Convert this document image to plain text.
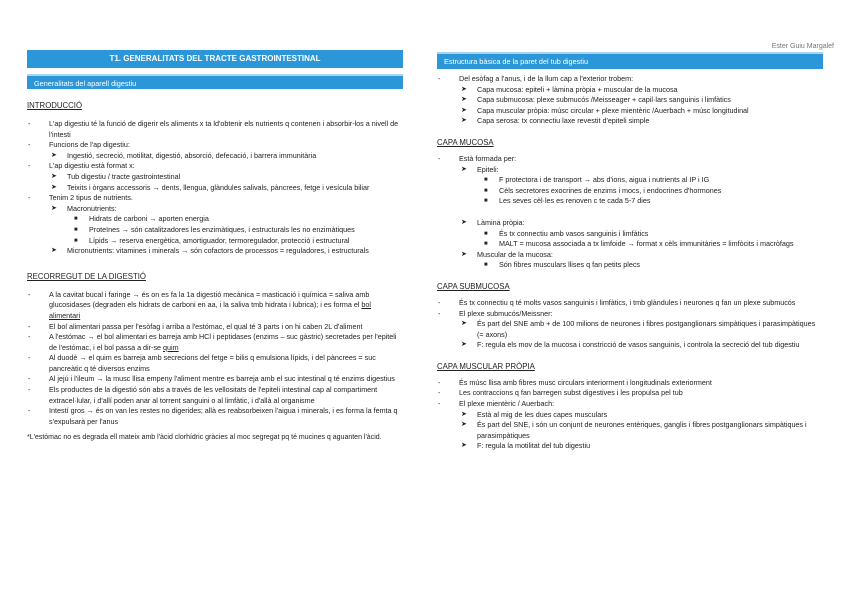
Ester Guiu Margalef
T1. GENERALITATS DEL TRACTE GASTROINTESTINAL
Generalitats del aparell digestiu
INTRODUCCIÓ
-	L'ap digestiu té la funció de digerir els aliments x ta ld'obtenir els nutrients q contenen i absorbir-los a nivell de l'intesti
-	Funcions de l'ap digestiu:
➤ Ingestió, secreció, motilitat, digestió, absorció, defecació, i barrera immunitària
-	L'ap digestiu està format x:
➤ Tub digestiu / tracte gastrointestinal
➤ Teixits i òrgans accessoris → dents, llengua, glàndules salivals, pàncrees, fetge i vesícula biliar
-	Tenim 2 tipus de nutrients.
➤ Macronutrients:
■ Hidrats de carboni → aporten energia
■ Proteïnes → són catalitzadores les enzimàtiques, i estructurals les no enzimàtiques
■ Lípids → reserva energètica, amortiguador, termoregulador, protecció i estructural
➤ Micronutrients: vitamines i minerals → són cofactors de processos = reguladores, i estructurals
RECORREGUT DE LA DIGESTIÓ
-	A la cavitat bucal i faringe → és on es fa la 1a digestió mecànica = masticació i química = saliva amb glucosidases (degraden els hidrats de carboni en aa, i la saliva tmb hidrata i lubrica); i es forma el bol alimentari
-	El bol alimentari passa per l'esòfag i arriba a l'estómac, el qual té 3 parts i on hi caben 2L d'aliment
-	A l'estómac → el bol alimentari es barreja amb HCl i peptidases (enzims – suc gàstric) secretades per l'epiteli de l'estómac, i el bol passa a dir-se quim
-	Al duodè → el quim es barreja amb secrecions del fetge = bilis q emulsiona lípids, i del pàncrees = suc pancreàtic q té diversos enzims
-	Al jejú i l'ileum → la musc llisa empeny l'aliment mentre es barreja amb el suc intestinal q té enzims digestius
-	Els productes de la digestió són abs a través de les vellositats de l'epiteli intestinal cap al compartiment extracel·lular, i d'allí poden anar al torrent sanguini o al limfàtic, i d'allà al organisme
-	Intestí gros → és on van les restes no digerides; allà es reabsorbeixen l'aigua i minerals, i es forma la femta q s'expulsarà per l'anus
*L'estómac no es degrada ell mateix amb l'àcid clorhídric gràcies al moc segregat pq té mucines q aguanten l'àcid.
Estructura bàsica de la paret del tub digestiu
-	Del esòfag a l'anus, i de la llum cap a l'exterior trobem:
➤ Capa mucosa: epiteli + làmina pròpia + muscular de la mucosa
➤ Capa submucosa: plexe submucós /Meisseager + capil·lars sanguinis i limfàtics
➤ Capa muscular pròpia: músc circular + plexe mientèric /Auerbach + músc longitudinal
➤ Capa serosa: tx connectiu laxe revestit d'epiteli simple
CAPA MUCOSA
-	Està formada per:
➤ Epiteli:
■ F protectora i de transport → abs d'ions, aigua i nutrients al IP i IG
■ Cèls secretores exocrines de enzims i mocs, i endocrines d'hormones
■ Les seves cèl·les es renoven c te cada 5-7 dies
➤ Làmina pròpia:
■ És tx connectiu amb vasos sanguinis i limfàtics
■ MALT = mucosa associada a tx limfoide → format x cèls immunitàries = limfòcits i macròfags
➤ Muscular de la mucosa:
■ Són fibres musculars llises q fan petits plecs
CAPA SUBMUCOSA
-	És tx connectiu q té molts vasos sanguinis i limfàtics, i tmb glàndules i neurones q fan un plexe submucós
-	El plexe submucós/Meissner:
➤ És part del SNE amb + de 100 milions de neurones i fibres postganglionars simpàtiques i parasimpàtiques (= axons)
➤ F: regula els mov de la mucosa i constricció de vasos sanguinis, i controla la secreció del tub digestiu
CAPA MUSCULAR PRÒPIA
-	És músc llisa amb fibres musc circulars interiorment i longitudinals exteriorment
-	Les contraccions q fan barregen subst digestives i les propulsa pel tub
-	El plexe mientèric / Auerbach:
➤ Està al mig de les dues capes musculars
➤ És part del SNE, i són un conjunt de neurones entèriques, ganglis i fibres postganglionars simpàtiques i parasimpàtiques
➤ F: regula la motilitat del tub digestiu
